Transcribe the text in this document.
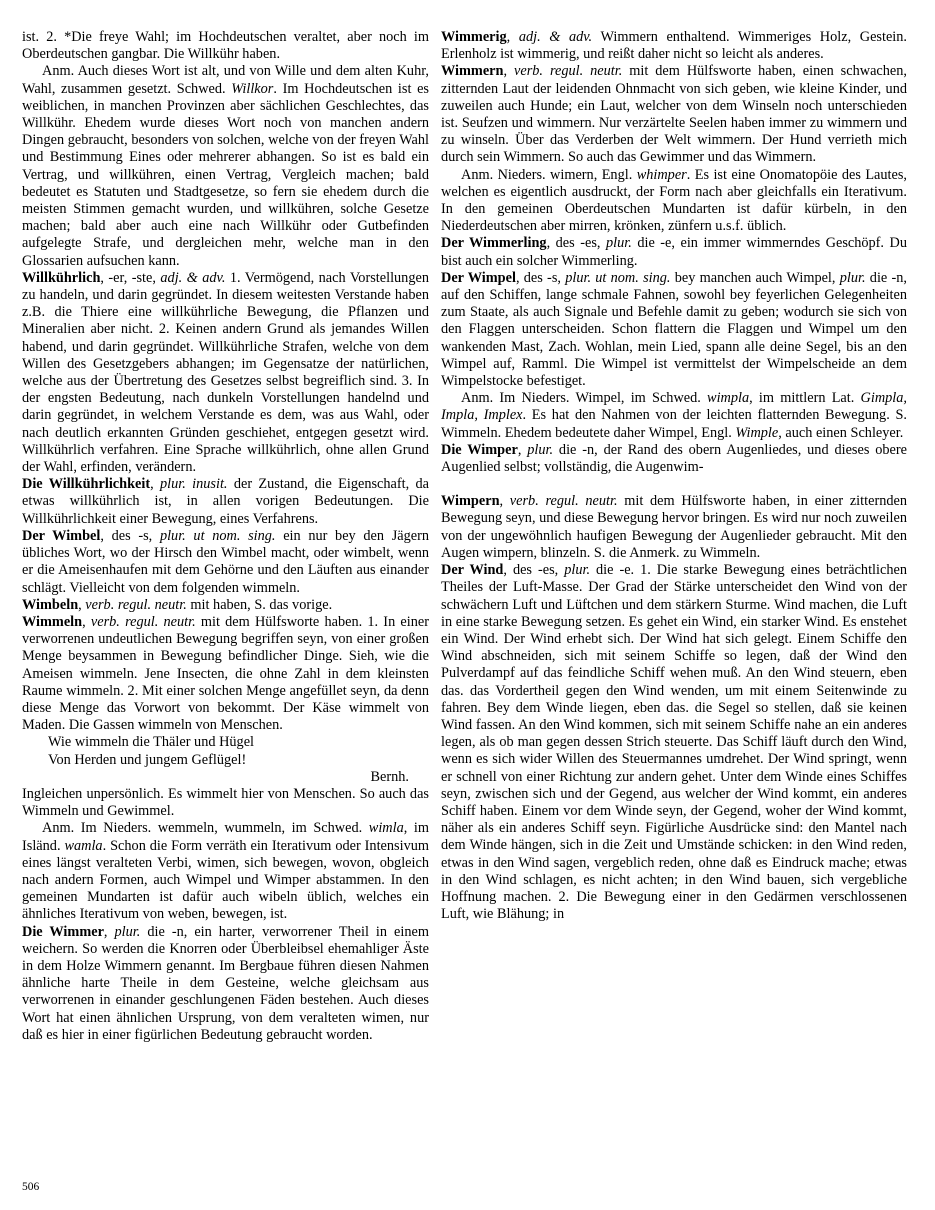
ist. 2. *Die freye Wahl; im Hochdeutschen veraltet, aber noch im Oberdeutschen gangbar. Die Willkühr haben.
Anm. Auch dieses Wort ist alt, und von Wille und dem alten Kuhr, Wahl, zusammen gesetzt. Schwed. Willkor. Im Hochdeutschen ist es weiblichen, in manchen Provinzen aber sächlichen Geschlechtes, das Willkühr. Ehedem wurde dieses Wort noch von manchen andern Dingen gebraucht, besonders von solchen, welche von der freyen Wahl und Bestimmung Eines oder mehrerer abhangen. So ist es bald ein Vertrag, und willkühren, einen Vertrag, Vergleich machen; bald bedeutet es Statuten und Stadtgesetze, so fern sie ehedem durch die meisten Stimmen gemacht wurden, und willkühren, solche Gesetze machen; bald aber auch eine nach Willkühr oder Gutbefinden aufgelegte Strafe, und dergleichen mehr, welche man in den Glossarien aufsuchen kann.
Willkührlich, -er, -ste, adj. & adv. 1. Vermögend, nach Vorstellungen zu handeln, und darin gegründet. In diesem weitesten Verstande haben z.B. die Thiere eine willkührliche Bewegung, die Pflanzen und Mineralien aber nicht. 2. Keinen andern Grund als jemandes Willen habend, und darin gegründet. Willkührliche Strafen, welche von dem Willen des Gesetzgebers abhangen; im Gegensatze der natürlichen, welche aus der Übertretung des Gesetzes selbst begreiflich sind. 3. In der engsten Bedeutung, nach dunkeln Vorstellungen handelnd und darin gegründet, in welchem Verstande es dem, was aus Wahl, oder nach deutlich erkannten Gründen geschiehet, entgegen gesetzt wird. Willkührlich verfahren. Eine Sprache willkührlich, ohne allen Grund der Wahl, erfinden, verändern.
Die Willkührlichkeit, plur. inusit. der Zustand, die Eigenschaft, da etwas willkührlich ist, in allen vorigen Bedeutungen. Die Willkührlichkeit einer Bewegung, eines Verfahrens.
Der Wimbel, des -s, plur. ut nom. sing. ein nur bey den Jägern übliches Wort, wo der Hirsch den Wimbel macht, oder wimbelt, wenn er die Ameisenhaufen mit dem Gehörne und den Läuften aus einander schlägt. Vielleicht von dem folgenden wimmeln.
Wimbeln, verb. regul. neutr. mit haben, S. das vorige.
Wimmeln, verb. regul. neutr. mit dem Hülfsworte haben. 1. In einer verworrenen undeutlichen Bewegung begriffen seyn, von einer großen Menge beysammen in Bewegung befindlicher Dinge. Sieh, wie die Ameisen wimmeln. Jene Insecten, die ohne Zahl in dem kleinsten Raume wimmeln. 2. Mit einer solchen Menge angefüllet seyn, da denn diese Menge das Vorwort von bekommt. Der Käse wimmelt von Maden. Die Gassen wimmeln von Menschen.
Wie wimmeln die Thäler und Hügel
Von Herden und jungem Geflügel!
Bernh.
Ingleichen unpersönlich. Es wimmelt hier von Menschen. So auch das Wimmeln und Gewimmel.
Anm. Im Nieders. wemmeln, wummeln, im Schwed. wimla, im Isländ. wamla. Schon die Form verräth ein Iterativum oder Intensivum eines längst veralteten Verbi, wimen, sich bewegen, wovon, obgleich nach andern Formen, auch Wimpel und Wimper abstammen. In den gemeinen Mundarten ist dafür auch wibeln üblich, welches ein ähnliches Iterativum von weben, bewegen, ist.
Die Wimmer, plur. die -n, ein harter, verworrener Theil in einem weichern. So werden die Knorren oder Überbleibsel ehemahliger Äste in dem Holze Wimmern genannt. Im Bergbaue führen diesen Nahmen ähnliche harte Theile in dem Gesteine, welche gleichsam aus verworrenen in einander geschlungenen Fäden bestehen. Auch dieses Wort hat einen ähnlichen Ursprung, von dem veralteten wimen, nur daß es hier in einer figürlichen Bedeutung gebraucht worden.
Wimmerig, adj. & adv. Wimmern enthaltend. Wimmeriges Holz, Gestein. Erlenholz ist wimmerig, und reißt daher nicht so leicht als anderes.
Wimmern, verb. regul. neutr. mit dem Hülfsworte haben, einen schwachen, zitternden Laut der leidenden Ohnmacht von sich geben, wie kleine Kinder, und zuweilen auch Hunde; ein Laut, welcher von dem Winseln noch unterschieden ist. Seufzen und wimmern. Nur verzärtelte Seelen haben immer zu wimmern und zu winseln. Über das Verderben der Welt wimmern. Der Hund verrieth mich durch sein Wimmern. So auch das Gewimmer und das Wimmern.
Anm. Nieders. wimern, Engl. whimper. Es ist eine Onomatopöie des Lautes, welchen es eigentlich ausdruckt, der Form nach aber gleichfalls ein Iterativum. In den gemeinen Oberdeutschen Mundarten ist dafür kürbeln, in den Niederdeutschen aber mirren, krönken, zünfern u.s.f. üblich.
Der Wimmerling, des -es, plur. die -e, ein immer wimmerndes Geschöpf. Du bist auch ein solcher Wimmerling.
Der Wimpel, des -s, plur. ut nom. sing. bey manchen auch Wimpel, plur. die -n, auf den Schiffen, lange schmale Fahnen, sowohl bey feyerlichen Gelegenheiten zum Staate, als auch Signale und Befehle damit zu geben; wodurch sie sich von den Flaggen unterscheiden. Schon flattern die Flaggen und Wimpel um den wankenden Mast, Zach. Wohlan, mein Lied, spann alle deine Segel, bis an den Wimpel auf, Ramml. Die Wimpel ist vermittelst der Wimpelscheide an dem Wimpelstocke befestiget.
Anm. Im Nieders. Wimpel, im Schwed. wimpla, im mittlern Lat. Gimpla, Impla, Implex. Es hat den Nahmen von der leichten flatternden Bewegung. S. Wimmeln. Ehedem bedeutete daher Wimpel, Engl. Wimple, auch einen Schleyer.
Die Wimper, plur. die -n, der Rand des obern Augenliedes, und dieses obere Augenlied selbst; vollständig, die Augenwim-
Wimpern, verb. regul. neutr. mit dem Hülfsworte haben, in einer zitternden Bewegung seyn, und diese Bewegung hervor bringen. Es wird nur noch zuweilen von der ungewöhnlich haufigen Bewegung der Augenlieder gebraucht. Mit den Augen wimpern, blinzeln. S. die Anmerk. zu Wimmeln.
Der Wind, des -es, plur. die -e. 1. Die starke Bewegung eines beträchtlichen Theiles der Luft-Masse. Der Grad der Stärke unterscheidet den Wind von der schwächern Luft und Lüftchen und dem stärkern Sturme. Wind machen, die Luft in eine starke Bewegung setzen. Es gehet ein Wind, ein starker Wind. Es enstehet ein Wind. Der Wind erhebt sich. Der Wind hat sich gelegt. Einem Schiffe den Wind abschneiden, sich mit seinem Schiffe so legen, daß der Wind den Pulverdampf auf das feindliche Schiff wehen muß. An den Wind steuern, eben das. das Vordertheil gegen den Wind wenden, um mit einem Seitenwinde zu fahren. Bey dem Winde liegen, eben das. die Segel so stellen, daß sie keinen Wind fassen. An den Wind kommen, sich mit seinem Schiffe nahe an ein anderes legen, als ob man gegen dessen Strich steuerte. Das Schiff läuft durch den Wind, wenn es sich wider Willen des Steuermannes umdrehet. Der Wind springt, wenn er schnell von einer Richtung zur andern gehet. Unter dem Winde eines Schiffes seyn, zwischen sich und der Gegend, aus welcher der Wind kommt, ein anderes Schiff haben. Einem vor dem Winde seyn, der Gegend, woher der Wind kommt, näher als ein anderes Schiff seyn. Figürliche Ausdrücke sind: den Mantel nach dem Winde hängen, sich in die Zeit und Umstände schicken: in den Wind reden, etwas in den Wind sagen, vergeblich reden, ohne daß es Eindruck mache; etwas in den Wind schlagen, es nicht achten; in den Wind bauen, sich vergebliche Hoffnung machen. 2. Die Bewegung einer in den Gedärmen verschlossenen Luft, wie Blähung; in
506
